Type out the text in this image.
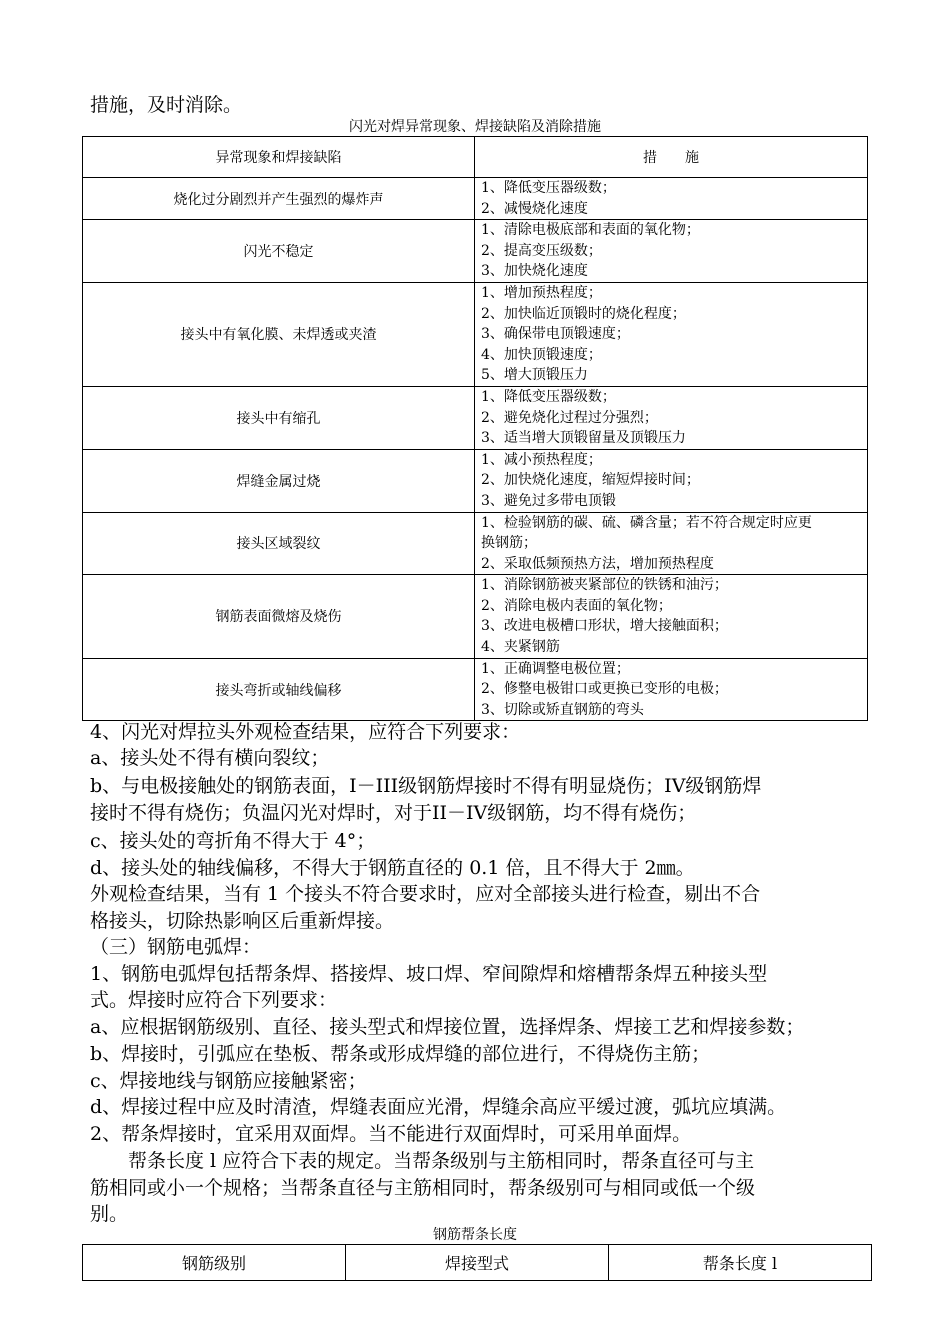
措施，及时消除。
闪光对焊异常现象、焊接缺陷及消除措施
异常现象和焊接缺陷	措　　施
烧化过分剧烈并产生强烈的爆炸声	1、降低变压器级数；
2、减慢烧化速度

闪光不稳定	1、清除电极底部和表面的氧化物；
2、提高变压级数；
3、加快烧化速度

接头中有氧化膜、未焊透或夹渣	1、增加预热程度；
2、加快临近顶锻时的烧化程度；
3、确保带电顶锻速度；
4、加快顶锻速度；
5、增大顶锻压力

接头中有缩孔	1、降低变压器级数；
2、避免烧化过程过分强烈；
3、适当增大顶锻留量及顶锻压力

焊缝金属过烧	1、减小预热程度；
2、加快烧化速度，缩短焊接时间；
3、避免过多带电顶锻

接头区域裂纹	1、检验钢筋的碳、硫、磷含量；若不符合规定时应更
换钢筋；
2、采取低频预热方法，增加预热程度

钢筋表面微熔及烧伤	1、消除钢筋被夹紧部位的铁锈和油污；
2、消除电极内表面的氧化物；
3、改进电极槽口形状，增大接触面积；
4、夹紧钢筋

接头弯折或轴线偏移	1、正确调整电极位置；
2、修整电极钳口或更换已变形的电极；
3、切除或矫直钢筋的弯头
4、闪光对焊拉头外观检查结果，应符合下列要求：
a、接头处不得有横向裂纹；
b、与电极接触处的钢筋表面，I－III级钢筋焊接时不得有明显烧伤；IV级钢筋焊
接时不得有烧伤；负温闪光对焊时，对于II－IV级钢筋，均不得有烧伤；
c、接头处的弯折角不得大于 4°；
d、接头处的轴线偏移，不得大于钢筋直径的 0.1 倍，且不得大于 2㎜。
外观检查结果，当有 1 个接头不符合要求时，应对全部接头进行检查，剔出不合
格接头，切除热影响区后重新焊接。
（三）钢筋电弧焊：
1、钢筋电弧焊包括帮条焊、搭接焊、坡口焊、窄间隙焊和熔槽帮条焊五种接头型
式。焊接时应符合下列要求：
a、应根据钢筋级别、直径、接头型式和焊接位置，选择焊条、焊接工艺和焊接参数；
b、焊接时，引弧应在垫板、帮条或形成焊缝的部位进行，不得烧伤主筋；
c、焊接地线与钢筋应接触紧密；
d、焊接过程中应及时清渣，焊缝表面应光滑，焊缝余高应平缓过渡，弧坑应填满。
2、帮条焊接时，宜采用双面焊。当不能进行双面焊时，可采用单面焊。
　　帮条长度 l 应符合下表的规定。当帮条级别与主筋相同时，帮条直径可与主
筋相同或小一个规格；当帮条直径与主筋相同时，帮条级别可与相同或低一个级
别。
钢筋帮条长度
钢筋级别	焊接型式	帮条长度 l
